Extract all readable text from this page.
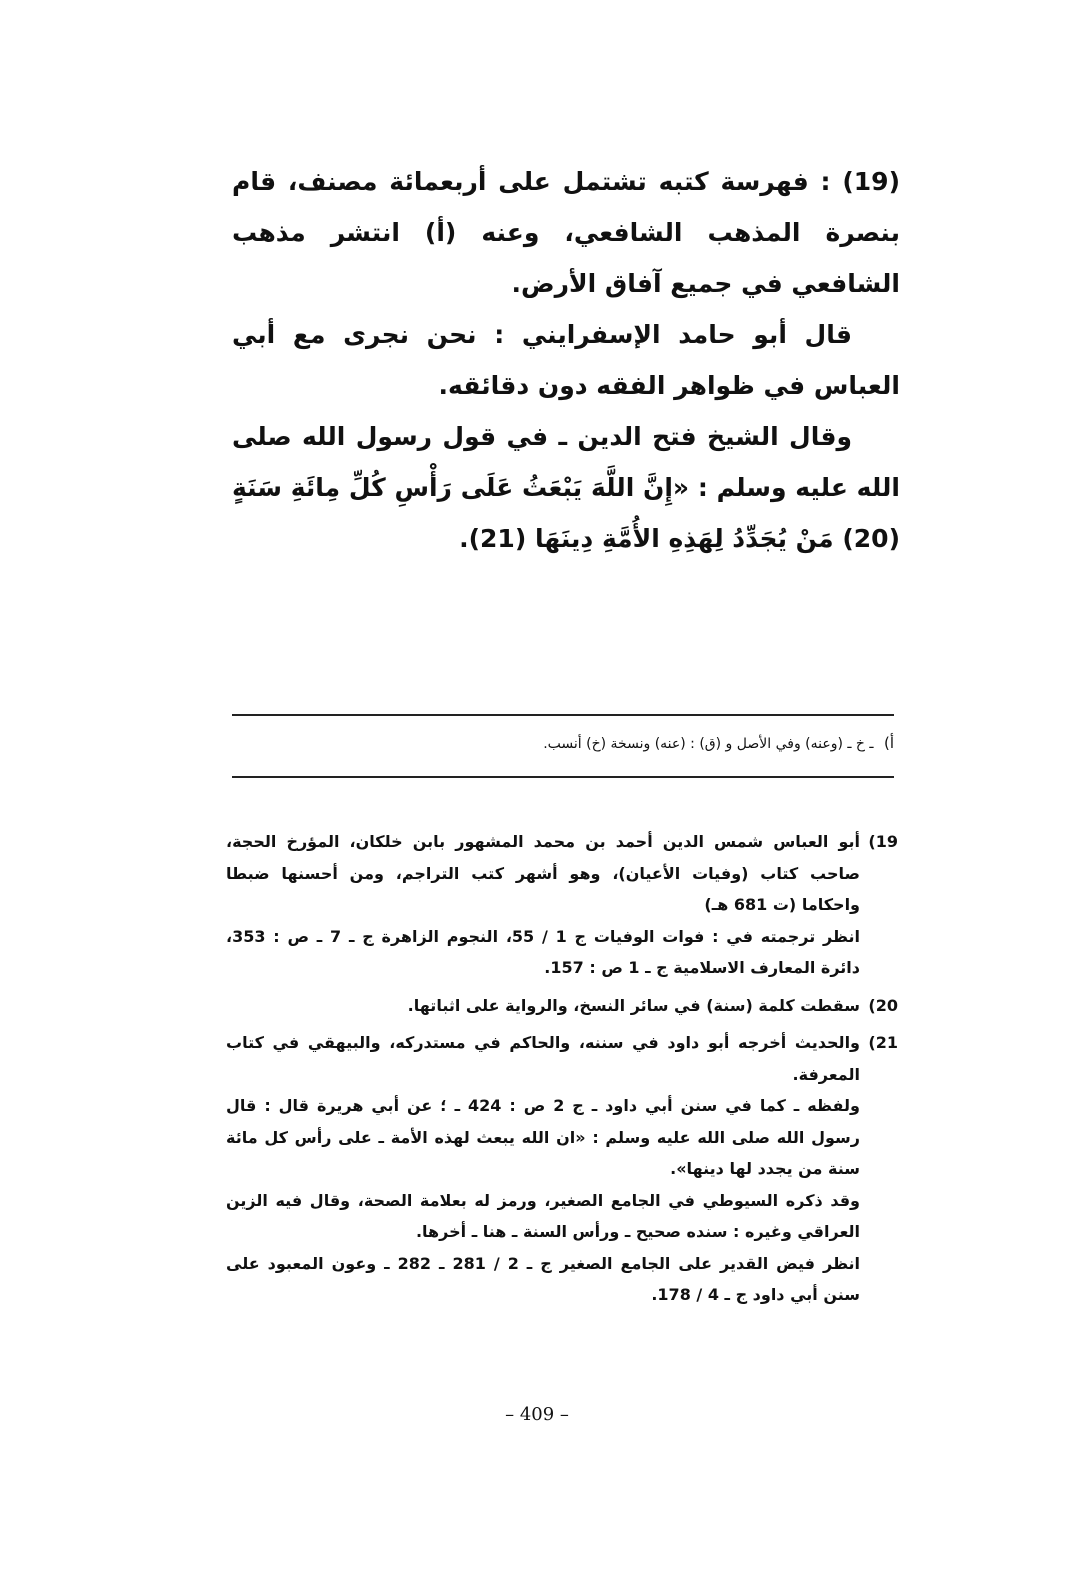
(19) : فهرسة كتبه تشتمل على أربعمائة مصنف، قام بنصرة المذهب الشافعي، وعنه (أ) انتشر مذهب الشافعي في جميع آفاق الأرض.

قال أبو حامد الإسفرايني : نحن نجرى مع أبي العباس في ظواهر الفقه دون دقائقه.

وقال الشيخ فتح الدين ـ في قول رسول الله صلى الله عليه وسلم : «إِنَّ اللَّهَ يَبْعَثُ عَلَى رَأْسِ كُلِّ مِائَةِ سَنَةٍ (20) مَنْ يُجَدِّدُ لِهَذِهِ الأُمَّةِ دِينَهَا (21).

أ) ـ خ ـ (وعنه) وفي الأصل و (ق) : (عنه) ونسخة (خ) أنسب.
19)

أبو العباس شمس الدين أحمد بن محمد المشهور بابن خلكان، المؤرخ الحجة، صاحب كتاب (وفيات الأعيان)، وهو أشهر كتب التراجم، ومن أحسنها ضبطا واحكاما (ت 681 هـ)

انظر ترجمته في : فوات الوفيات ج 1 / 55، النجوم الزاهرة ج ـ 7 ـ ص : 353، دائرة المعارف الاسلامية ج ـ 1 ص : 157.

20)

سقطت كلمة (سنة) في سائر النسخ، والرواية على اثباتها.

21)

والحديث أخرجه أبو داود في سننه، والحاكم في مستدركه، والبيهقي في كتاب المعرفة.

ولفظه ـ كما في سنن أبي داود ـ ج 2 ص : 424 ـ ؛ عن أبي هريرة قال : قال رسول الله صلى الله عليه وسلم : «ان الله يبعث لهذه الأمة ـ على رأس كل مائة سنة من يجدد لها دينها».

وقد ذكره السيوطي في الجامع الصغير، ورمز له بعلامة الصحة، وقال فيه الزين العراقي وغيره : سنده صحيح ـ ورأس السنة ـ هنا ـ أخرها.

انظر فيض القدير على الجامع الصغير ج ـ 2 / 281 ـ 282 ـ وعون المعبود على سنن أبي داود ج ـ 4 / 178.

– 409 –
